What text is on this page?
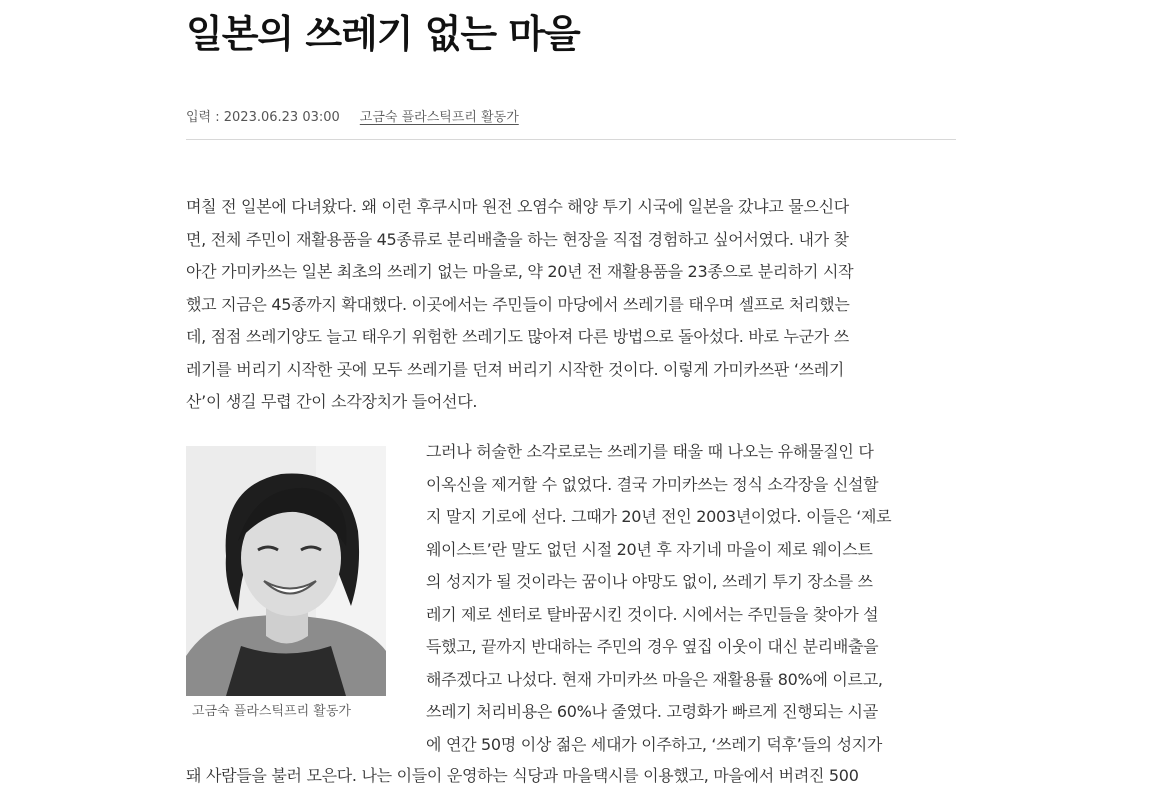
일본의 쓰레기 없는 마을
입력 : 2023.06.23 03:00 고금숙 플라스틱프리 활동가
며칠 전 일본에 다녀왔다. 왜 이런 후쿠시마 원전 오염수 해양 투기 시국에 일본을 갔냐고 물으신다
면, 전체 주민이 재활용품을 45종류로 분리배출을 하는 현장을 직접 경험하고 싶어서였다. 내가 찾
아간 가미카쓰는 일본 최초의 쓰레기 없는 마을로, 약 20년 전 재활용품을 23종으로 분리하기 시작
했고 지금은 45종까지 확대했다. 이곳에서는 주민들이 마당에서 쓰레기를 태우며 셀프로 처리했는
데, 점점 쓰레기양도 늘고 태우기 위험한 쓰레기도 많아져 다른 방법으로 돌아섰다. 바로 누군가 쓰
레기를 버리기 시작한 곳에 모두 쓰레기를 던져 버리기 시작한 것이다. 이렇게 가미카쓰판 ‘쓰레기
산’이 생길 무렵 간이 소각장치가 들어선다.
고금숙 플라스틱프리 활동가
그러나 허술한 소각로로는 쓰레기를 태울 때 나오는 유해물질인 다
이옥신을 제거할 수 없었다. 결국 가미카쓰는 정식 소각장을 신설할
지 말지 기로에 선다. 그때가 20년 전인 2003년이었다. 이들은 ‘제로
웨이스트’란 말도 없던 시절 20년 후 자기네 마을이 제로 웨이스트
의 성지가 될 것이라는 꿈이나 야망도 없이, 쓰레기 투기 장소를 쓰
레기 제로 센터로 탈바꿈시킨 것이다. 시에서는 주민들을 찾아가 설
득했고, 끝까지 반대하는 주민의 경우 옆집 이웃이 대신 분리배출을
해주겠다고 나섰다. 현재 가미카쓰 마을은 재활용률 80%에 이르고,
쓰레기 처리비용은 60%나 줄였다. 고령화가 빠르게 진행되는 시골
에 연간 50명 이상 젊은 세대가 이주하고, ‘쓰레기 덕후’들의 성지가
돼 사람들을 불러 모은다. 나는 이들이 운영하는 식당과 마을택시를 이용했고, 마을에서 버려진 500
